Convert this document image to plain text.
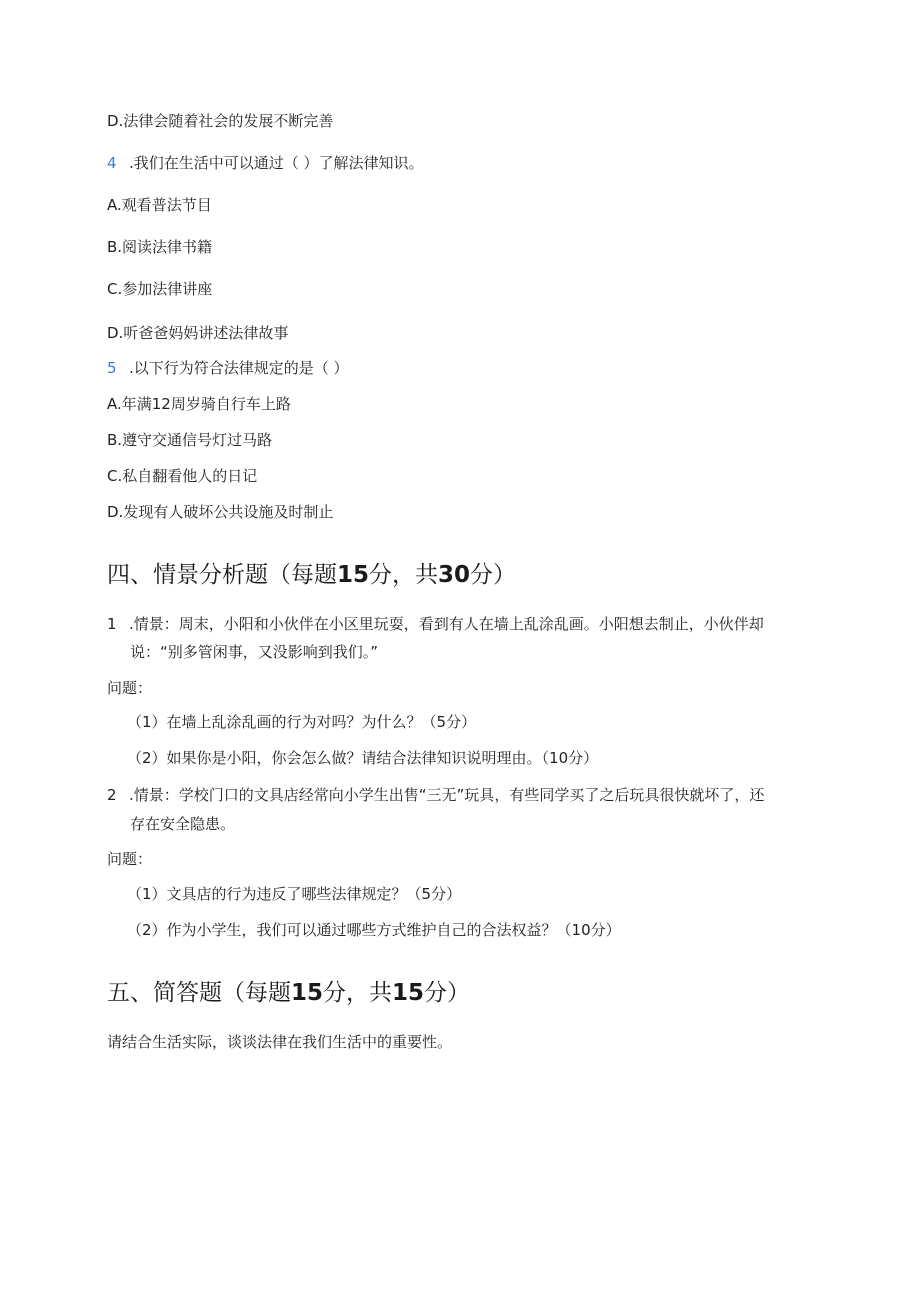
D.法律会随着社会的发展不断完善
4 .我们在生活中可以通过（ ）了解法律知识。
A.观看普法节目
B.阅读法律书籍
C.参加法律讲座
D.听爸爸妈妈讲述法律故事
5 .以下行为符合法律规定的是（ ）
A.年满12周岁骑自行车上路
B.遵守交通信号灯过马路
C.私自翻看他人的日记
D.发现有人破坏公共设施及时制止
四、情景分析题（每题15分，共30分）
1 .情景：周末，小阳和小伙伴在小区里玩耍，看到有人在墙上乱涂乱画。小阳想去制止，小伙伴却
说：“别多管闲事，又没影响到我们。”
问题：
（1）在墙上乱涂乱画的行为对吗？为什么？（5分）
（2）如果你是小阳，你会怎么做？请结合法律知识说明理由。（10分）
2 .情景：学校门口的文具店经常向小学生出售“三无”玩具，有些同学买了之后玩具很快就坏了，还
存在安全隐患。
问题：
（1）文具店的行为违反了哪些法律规定？（5分）
（2）作为小学生，我们可以通过哪些方式维护自己的合法权益？（10分）
五、简答题（每题15分，共15分）
请结合生活实际，谈谈法律在我们生活中的重要性。
